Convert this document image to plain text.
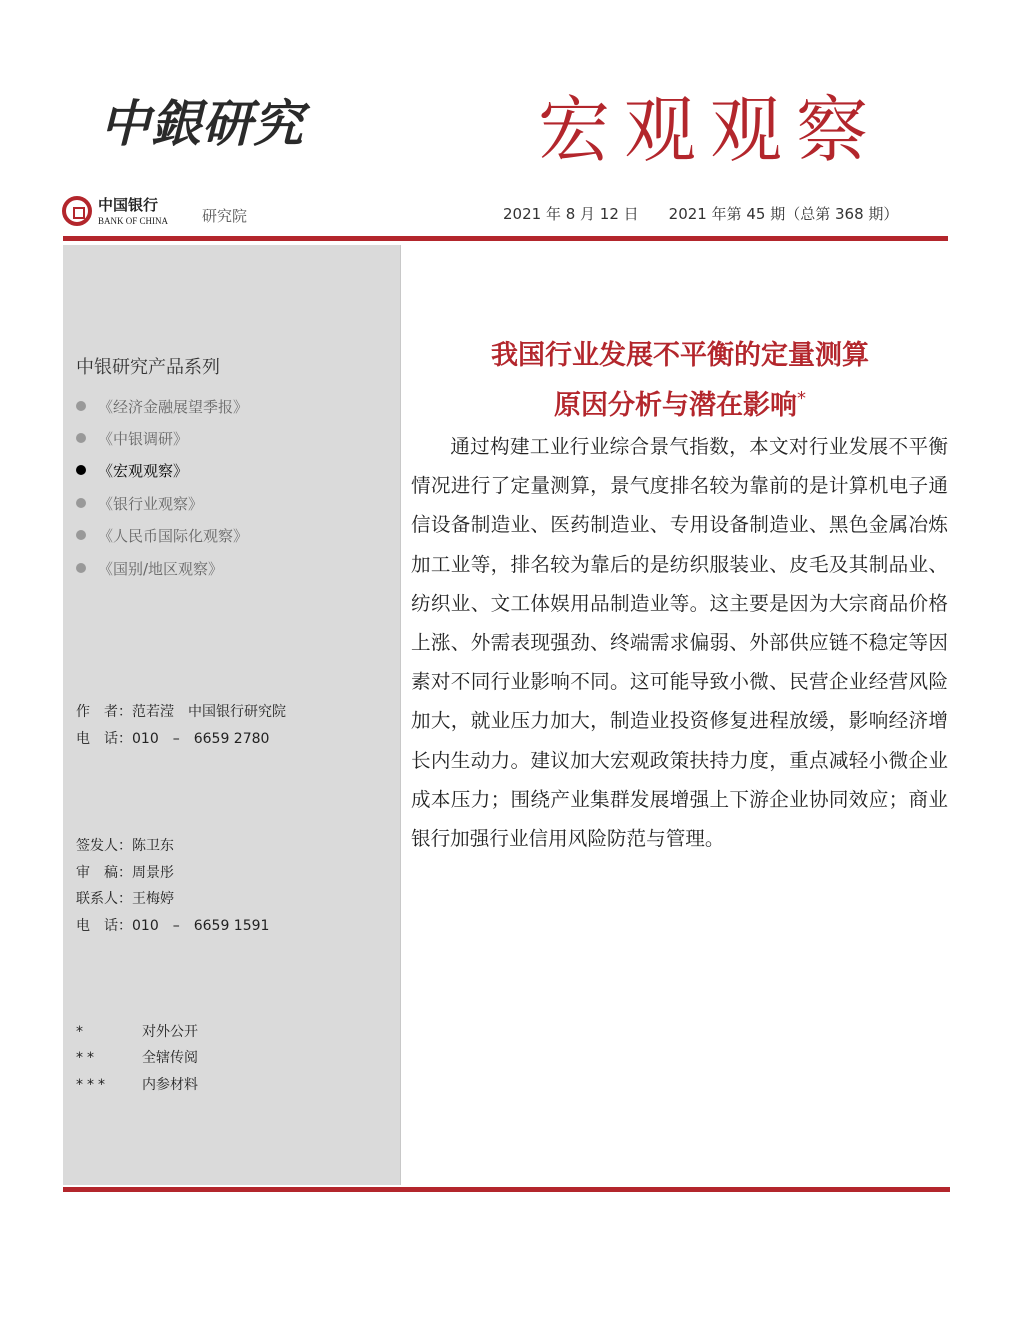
中銀研究	宏观观察
中国银行
BANK OF CHINA 研究院	2021 年 8 月 12 日　　2021 年第 45 期（总第 368 期）
中银研究产品系列
《经济金融展望季报》
《中银调研》
《宏观观察》
《银行业观察》
《人民币国际化观察》
《国别/地区观察》
作　者：范若滢　中国银行研究院
电　话：010　–　6659 2780
签发人：陈卫东
审　稿：周景彤
联系人：王梅婷
电　话：010　–　6659 1591
*	对外公开
**	全辖传阅
*** 内参材料
我国行业发展不平衡的定量测算
原因分析与潜在影响*
通过构建工业行业综合景气指数，本文对行业发展不平衡情况进行了定量测算，景气度排名较为靠前的是计算机电子通信设备制造业、医药制造业、专用设备制造业、黑色金属冶炼加工业等，排名较为靠后的是纺织服装业、皮毛及其制品业、纺织业、文工体娱用品制造业等。这主要是因为大宗商品价格上涨、外需表现强劲、终端需求偏弱、外部供应链不稳定等因素对不同行业影响不同。这可能导致小微、民营企业经营风险加大，就业压力加大，制造业投资修复进程放缓，影响经济增长内生动力。建议加大宏观政策扶持力度，重点减轻小微企业成本压力；围绕产业集群发展增强上下游企业协同效应；商业银行加强行业信用风险防范与管理。
